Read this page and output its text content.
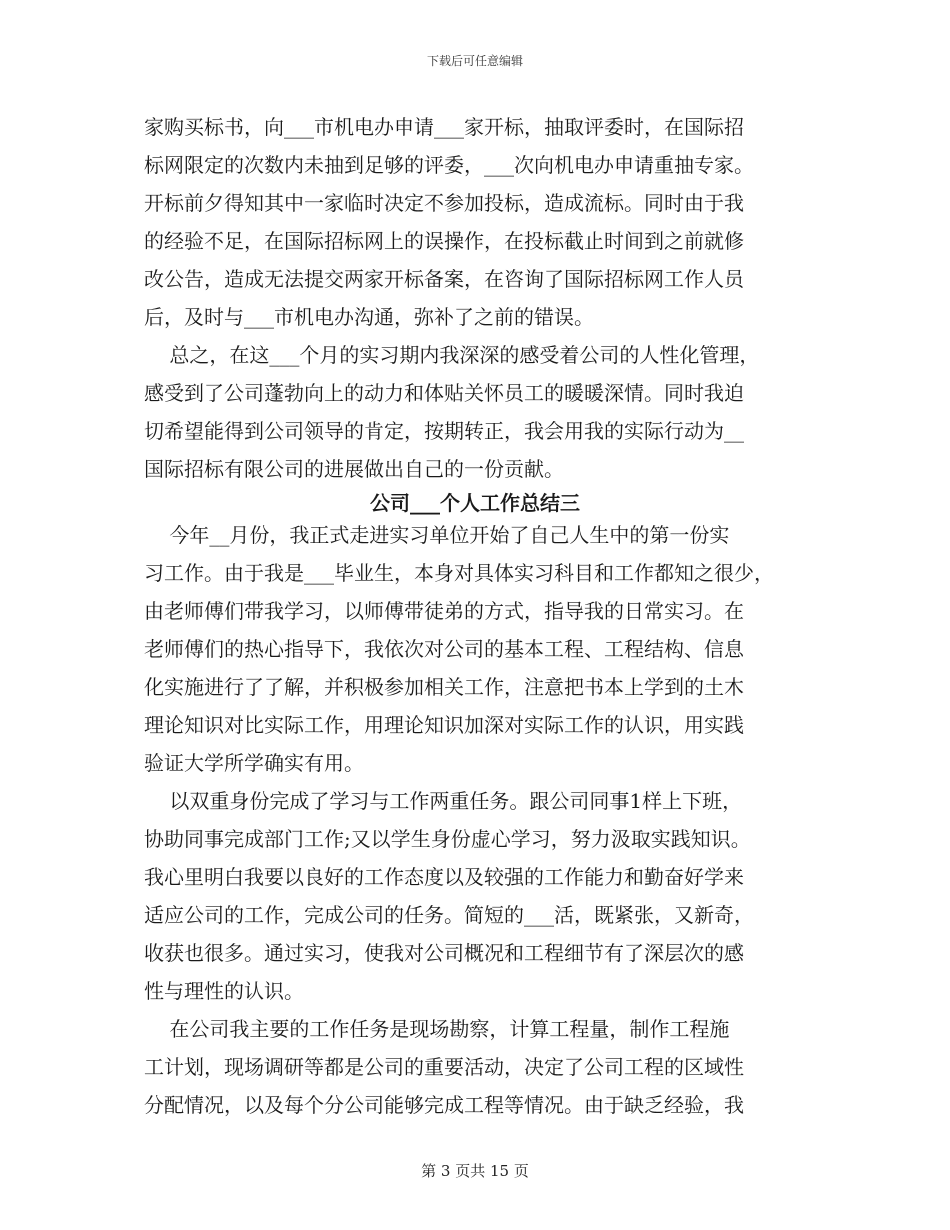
下载后可任意编辑
家购买标书，向___市机电办申请___家开标，抽取评委时，在国际招
标网限定的次数内未抽到足够的评委，___次向机电办申请重抽专家。
开标前夕得知其中一家临时决定不参加投标，造成流标。同时由于我
的经验不足，在国际招标网上的误操作，在投标截止时间到之前就修
改公告，造成无法提交两家开标备案，在咨询了国际招标网工作人员
后，及时与___市机电办沟通，弥补了之前的错误。
总之，在这___个月的实习期内我深深的感受着公司的人性化管理，
感受到了公司蓬勃向上的动力和体贴关怀员工的暖暖深情。同时我迫
切希望能得到公司领导的肯定，按期转正，我会用我的实际行动为__
国际招标有限公司的进展做出自己的一份贡献。
公司___个人工作总结三
今年__月份，我正式走进实习单位开始了自己人生中的第一份实
习工作。由于我是___毕业生，本身对具体实习科目和工作都知之很少，
由老师傅们带我学习，以师傅带徒弟的方式，指导我的日常实习。在
老师傅们的热心指导下，我依次对公司的基本工程、工程结构、信息
化实施进行了了解，并积极参加相关工作，注意把书本上学到的土木
理论知识对比实际工作，用理论知识加深对实际工作的认识，用实践
验证大学所学确实有用。
以双重身份完成了学习与工作两重任务。跟公司同事1样上下班，
协助同事完成部门工作;又以学生身份虚心学习，努力汲取实践知识。
我心里明白我要以良好的工作态度以及较强的工作能力和勤奋好学来
适应公司的工作，完成公司的任务。简短的___活，既紧张，又新奇，
收获也很多。通过实习，使我对公司概况和工程细节有了深层次的感
性与理性的认识。
在公司我主要的工作任务是现场勘察，计算工程量，制作工程施
工计划，现场调研等都是公司的重要活动，决定了公司工程的区域性
分配情况，以及每个分公司能够完成工程等情况。由于缺乏经验，我
第 3 页共 15 页
